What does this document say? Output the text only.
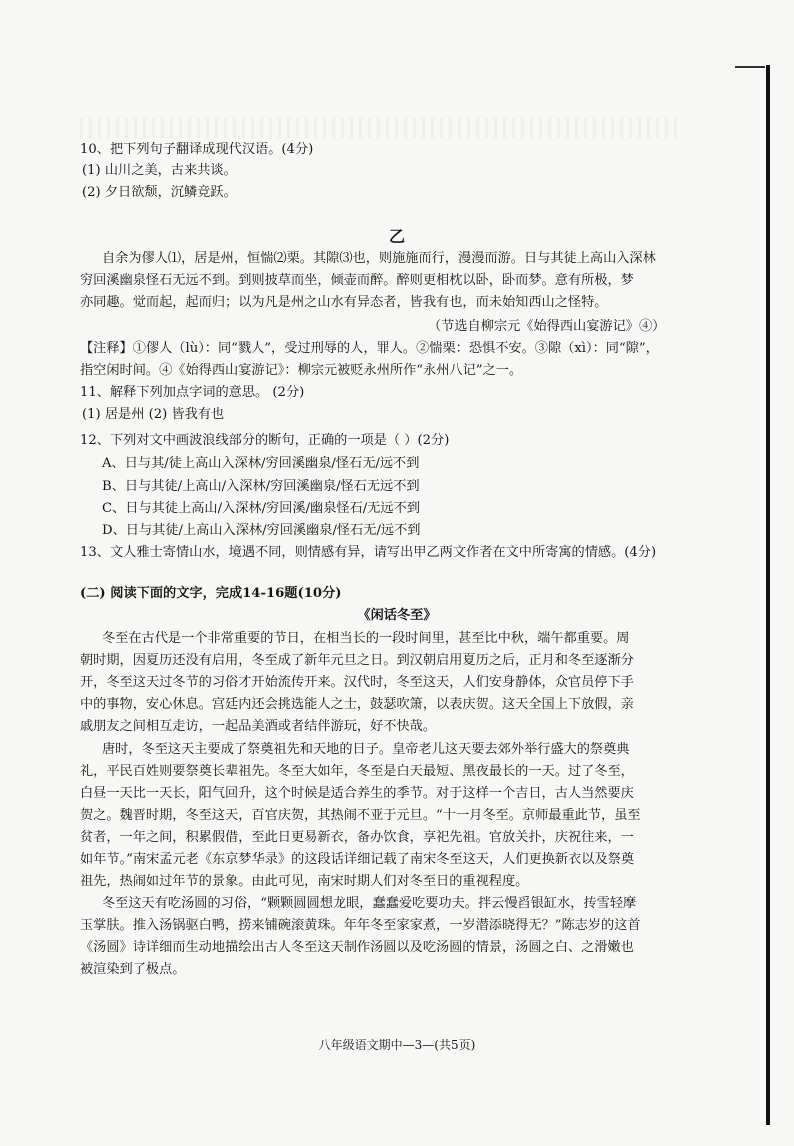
10、把下列句子翻译成现代汉语。(4分)
(1) 山川之美，古来共谈。
(2) 夕日欲颓，沉鳞竞跃。
乙
自余为僇人⑴，居是州，恒惴⑵栗。其隙⑶也，则施施而行，漫漫而游。日与其徒上高山入深林
穷回溪幽泉怪石无远不到。到则披草而坐，倾壶而醉。醉则更相枕以卧，卧而梦。意有所极，梦
亦同趣。觉而起，起而归；以为凡是州之山水有异态者，皆我有也，而未始知西山之怪特。
（节选自柳宗元《始得西山宴游记》④）
【注释】①僇人（lù）：同“戮人”，受过刑辱的人，罪人。②惴栗：恐惧不安。③隙（xì）：同“隙”，
指空闲时间。④《始得西山宴游记》：柳宗元被贬永州所作“永州八记”之一。
11、解释下列加点字词的意思。 (2分)
(1) 居是州 (2) 皆我有也
12、下列对文中画波浪线部分的断句，正确的一项是（ ）(2分)
A、日与其/徒上高山入深林/穷回溪幽泉/怪石无/远不到
B、日与其徒/上高山/入深林/穷回溪幽泉/怪石无远不到
C、日与其徒上高山/入深林/穷回溪/幽泉怪石/无远不到
D、日与其徒/上高山入深林/穷回溪幽泉/怪石无/远不到
13、文人雅士寄情山水，境遇不同，则情感有异，请写出甲乙两文作者在文中所寄寓的情感。(4分)
(二) 阅读下面的文字，完成14-16题(10分)
《闲话冬至》
冬至在古代是一个非常重要的节日，在相当长的一段时间里，甚至比中秋，端午都重要。周
朝时期，因夏历还没有启用，冬至成了新年元旦之日。到汉朝启用夏历之后，正月和冬至逐渐分
开，冬至这天过冬节的习俗才开始流传开来。汉代时，冬至这天，人们安身静体，众官员停下手
中的事物，安心休息。宫廷内还会挑选能人之士，鼓瑟吹箫，以表庆贺。这天全国上下放假，亲
戚朋友之间相互走访，一起品美酒或者结伴游玩，好不快哉。
唐时，冬至这天主要成了祭奠祖先和天地的日子。皇帝老儿这天要去郊外举行盛大的祭奠典
礼，平民百姓则要祭奠长辈祖先。冬至大如年，冬至是白天最短、黑夜最长的一天。过了冬至，
白昼一天比一天长，阳气回升，这个时候是适合养生的季节。对于这样一个吉日，古人当然要庆
贺之。魏晋时期，冬至这天，百官庆贺，其热闹不亚于元旦。“十一月冬至。京师最重此节，虽至
贫者，一年之间，积累假借，至此日更易新衣，备办饮食，享祀先祖。官放关扑，庆祝往来，一
如年节。”南宋孟元老《东京梦华录》的这段话详细记载了南宋冬至这天，人们更换新衣以及祭奠
祖先，热闹如过年节的景象。由此可见，南宋时期人们对冬至日的重视程度。
冬至这天有吃汤圆的习俗，“颗颗圆圆想龙眼，蠢蠢爱吃要功夫。拌云慢舀银缸水，抟雪轻摩
玉掌肤。推入汤锅驱白鸭，捞来铺碗滚黄珠。年年冬至家家煮，一岁潜添晓得无？”陈志岁的这首
《汤圆》诗详细而生动地描绘出古人冬至这天制作汤圆以及吃汤圆的情景，汤圆之白、之滑嫩也
被渲染到了极点。
八年级语文期中—3—(共5页)
